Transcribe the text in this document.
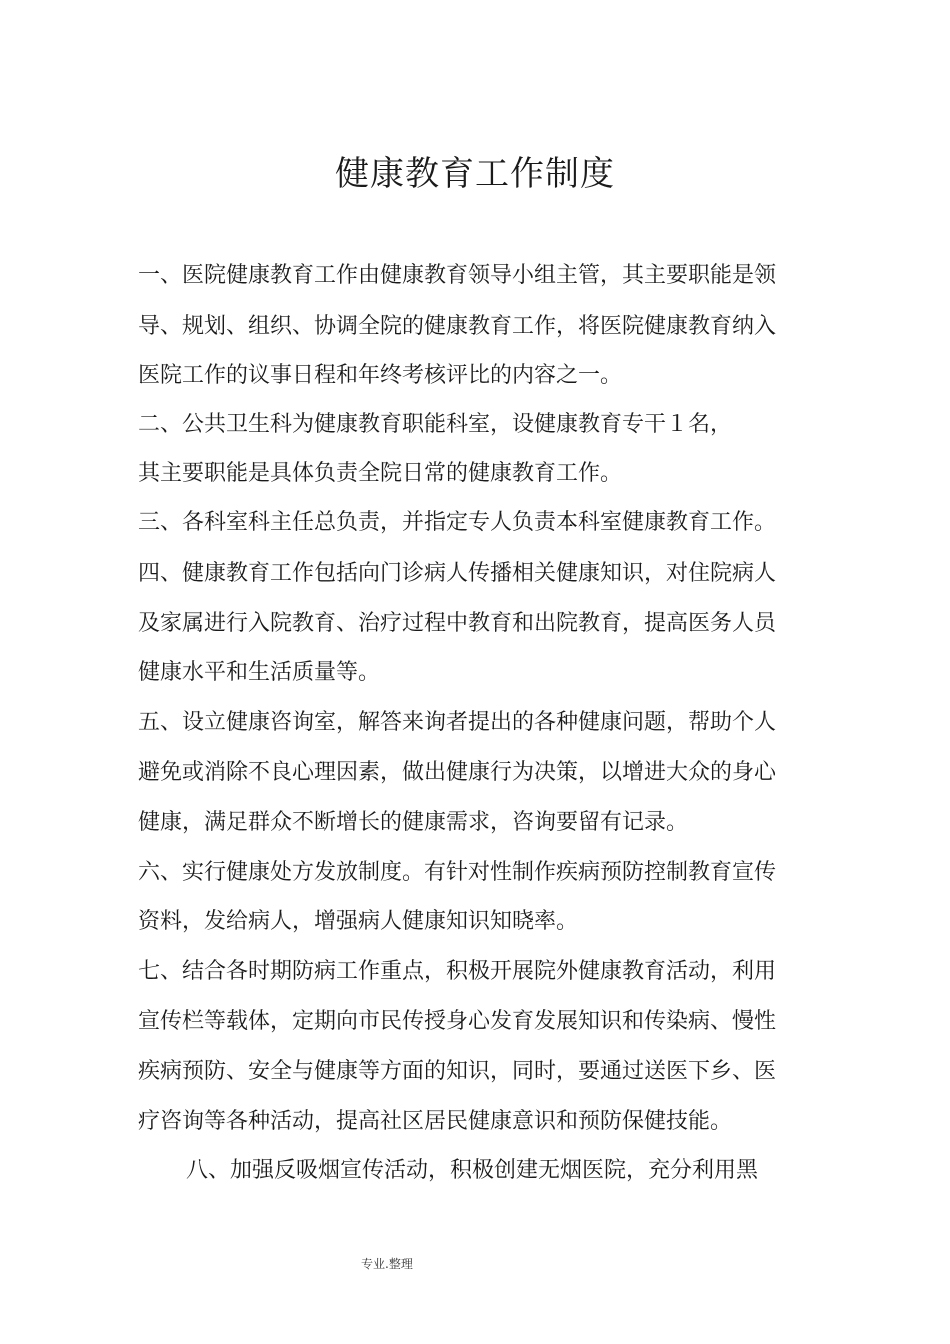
健康教育工作制度

一、医院健康教育工作由健康教育领导小组主管，其主要职能是领

导、规划、组织、协调全院的健康教育工作，将医院健康教育纳入

医院工作的议事日程和年终考核评比的内容之一。

二、公共卫生科为健康教育职能科室，设健康教育专干１名，

其主要职能是具体负责全院日常的健康教育工作。

三、各科室科主任总负责，并指定专人负责本科室健康教育工作。

四、健康教育工作包括向门诊病人传播相关健康知识，对住院病人

及家属进行入院教育、治疗过程中教育和出院教育，提高医务人员

健康水平和生活质量等。

五、设立健康咨询室，解答来询者提出的各种健康问题，帮助个人

避免或消除不良心理因素，做出健康行为决策，以增进大众的身心

健康，满足群众不断增长的健康需求，咨询要留有记录。

六、实行健康处方发放制度。有针对性制作疾病预防控制教育宣传

资料，发给病人，增强病人健康知识知晓率。

七、结合各时期防病工作重点，积极开展院外健康教育活动，利用

宣传栏等载体，定期向市民传授身心发育发展知识和传染病、慢性

疾病预防、安全与健康等方面的知识，同时，要通过送医下乡、医

疗咨询等各种活动，提高社区居民健康意识和预防保健技能。

八、加强反吸烟宣传活动，积极创建无烟医院，充分利用黑

专业.整理
